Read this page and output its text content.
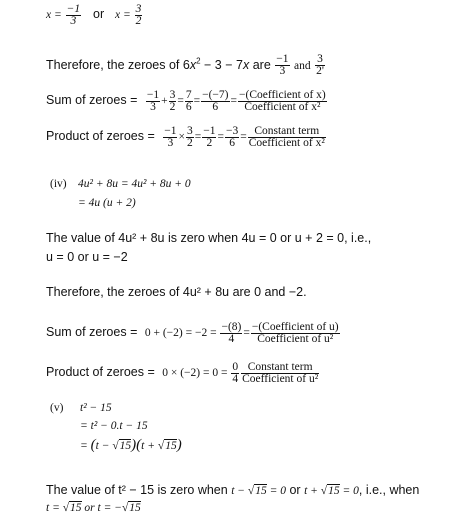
$x = \frac{-1}{3}$ or $x = \frac{3}{2}$
Therefore, the zeroes of $6x^2 - 3 - 7x$ are $\frac{-1}{3}$ and $\frac{3}{2'}$
Sum of zeroes = $\frac{-1}{3} + \frac{3}{2} = \frac{7}{6} = \frac{-(-7)}{6} = \frac{\text{−(Coefficient of x)}}{\text{Coefficient of x²}}$
Product of zeroes = $\frac{-1}{3} \times \frac{3}{2} = \frac{-1}{2} = \frac{-3}{6} = \frac{\text{Constant term}}{\text{Coefficient of x²}}$
(iv) 4u² + 8u = 4u² + 8u + 0
= 4u (u + 2)
The value of 4u² + 8u is zero when 4u = 0 or u + 2 = 0, i.e.,
u = 0 or u = −2
Therefore, the zeroes of 4u² + 8u are 0 and −2.
Sum of zeroes = $0 + (-2) = -2 = \frac{-(8)}{4} = \frac{\text{−(Coefficient of u)}}{\text{Coefficient of u²}}$
Product of zeroes = $0 \times (-2) = 0 = \frac{0}{4} \frac{\text{Constant term}}{\text{Coefficient of u²}}$
(v) t² − 15
= t² − 0.t − 15
= (t − √15)(t + √15)
The value of t² − 15 is zero when t − √15 = 0 or t + √15 = 0, i.e., when
t = √15 or t = −√15
